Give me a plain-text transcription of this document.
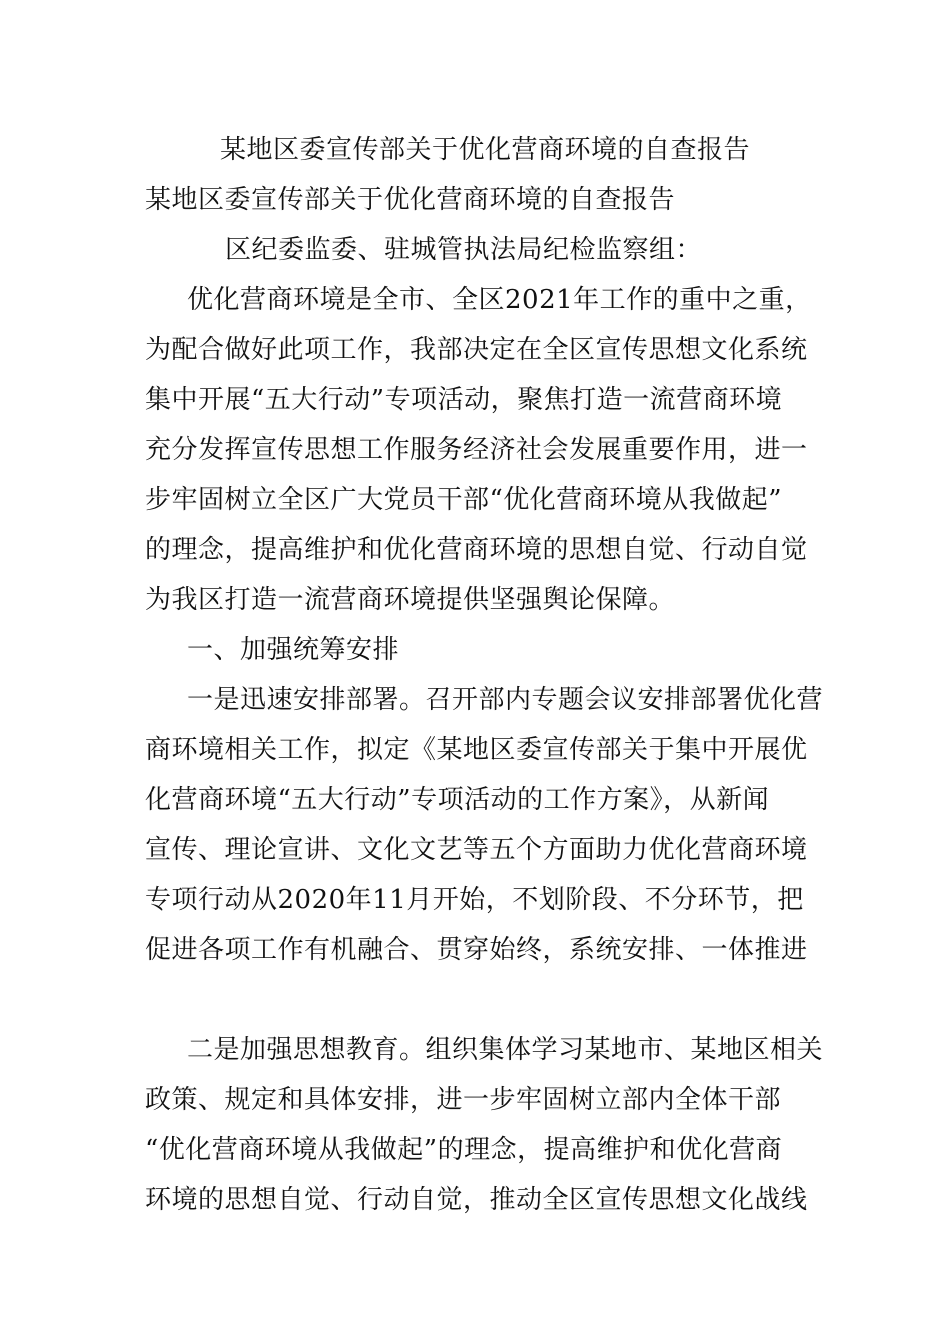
某地区委宣传部关于优化营商环境的自查报告
某地区委宣传部关于优化营商环境的自查报告
区纪委监委、驻城管执法局纪检监察组：
优化营商环境是全市、全区2021年工作的重中之重，
为配合做好此项工作，我部决定在全区宣传思想文化系统
集中开展“五大行动”专项活动，聚焦打造一流营商环境
充分发挥宣传思想工作服务经济社会发展重要作用，进一
步牢固树立全区广大党员干部“优化营商环境从我做起”
的理念，提高维护和优化营商环境的思想自觉、行动自觉
为我区打造一流营商环境提供坚强舆论保障。
一、加强统筹安排
一是迅速安排部署。召开部内专题会议安排部署优化营
商环境相关工作，拟定《某地区委宣传部关于集中开展优
化营商环境“五大行动”专项活动的工作方案》，从新闻
宣传、理论宣讲、文化文艺等五个方面助力优化营商环境
专项行动从2020年11月开始，不划阶段、不分环节，把
促进各项工作有机融合、贯穿始终，系统安排、一体推进
二是加强思想教育。组织集体学习某地市、某地区相关
政策、规定和具体安排，进一步牢固树立部内全体干部
“优化营商环境从我做起”的理念，提高维护和优化营商
环境的思想自觉、行动自觉，推动全区宣传思想文化战线
